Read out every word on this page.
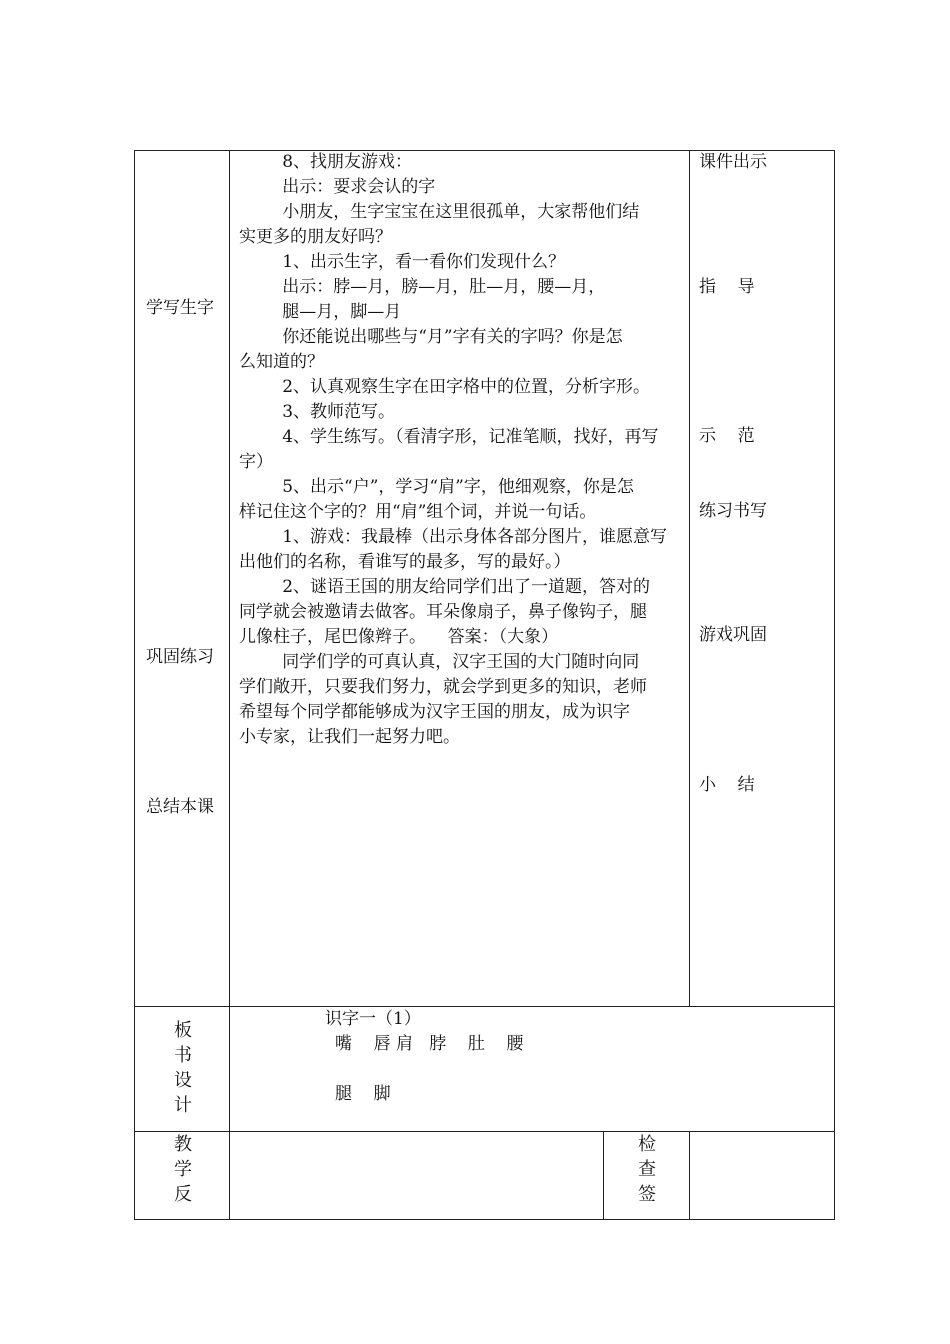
学写生字
巩固练习
总结本课
8、找朋友游戏：
出示：要求会认的字
小朋友，生字宝宝在这里很孤单，大家帮他们结
实更多的朋友好吗？
1、出示生字，看一看你们发现什么？
出示：脖—月，膀—月，肚—月，腰—月，
腿—月，脚—月
你还能说出哪些与“月”字有关的字吗？你是怎
么知道的？
2、认真观察生字在田字格中的位置，分析字形。
3、教师范写。
4、学生练写。（看清字形，记准笔顺，找好，再写
字）
5、出示“户”，学习“肩”字，他细观察，你是怎
样记住这个字的？用“肩”组个词，并说一句话。
1、游戏：我最棒（出示身体各部分图片，谁愿意写
出他们的名称，看谁写的最多，写的最好。）
2、谜语王国的朋友给同学们出了一道题，答对的
同学就会被邀请去做客。耳朵像扇子，鼻子像钩子，腿
儿像柱子，尾巴像辫子。    答案：（大象）
同学们学的可真认真，汉字王国的大门随时向同
学们敞开，只要我们努力，就会学到更多的知识，老师
希望每个同学都能够成为汉字王国的朋友，成为识字
小专家，让我们一起努力吧。
课件出示
指    导
示    范
练习书写
游戏巩固
小    结
板书设计
识字一（1）
嘴    唇 肩   脖    肚    腰
腿    脚
教学反
检查签
